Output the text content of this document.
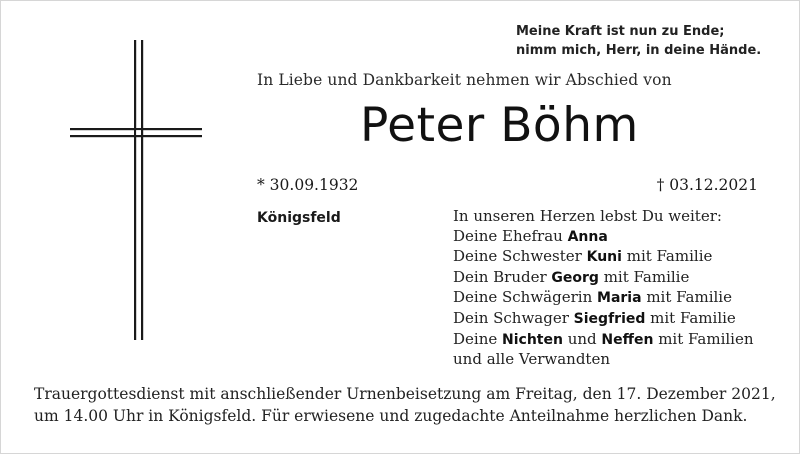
Meine Kraft ist nun zu Ende;
nimm mich, Herr, in deine Hände.
In Liebe und Dankbarkeit nehmen wir Abschied von
Peter Böhm
* 30.09.1932	† 03.12.2021
Königsfeld	In unseren Herzen lebst Du weiter:
Deine Ehefrau Anna
Deine Schwester Kuni mit Familie
Dein Bruder Georg mit Familie
Deine Schwägerin Maria mit Familie
Dein Schwager Siegfried mit Familie
Deine Nichten und Neffen mit Familien
und alle Verwandten
Trauergottesdienst mit anschließender Urnenbeisetzung am Freitag, den 17. Dezember 2021,
um 14.00 Uhr in Königsfeld. Für erwiesene und zugedachte Anteilnahme herzlichen Dank.
